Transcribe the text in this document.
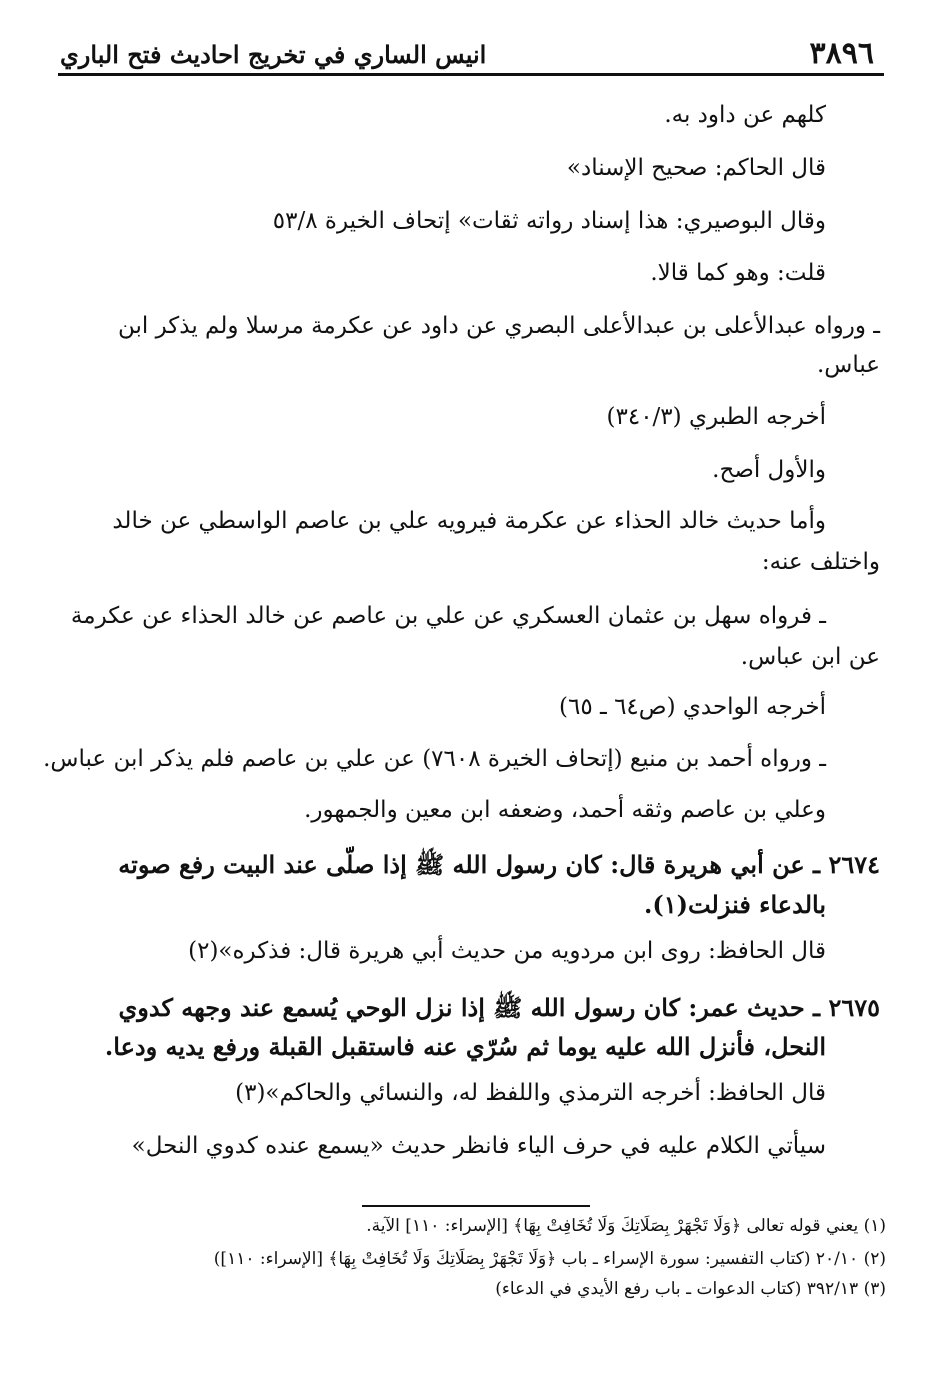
٣٨٩٦
انيس الساري في تخريج احاديث فتح الباري
كلهم عن داود به.
قال الحاكم: صحيح الإسناد»
وقال البوصيري: هذا إسناد رواته ثقات» إتحاف الخيرة ٥٣/٨
قلت: وهو كما قالا.
ـ ورواه عبدالأعلى بن عبدالأعلى البصري عن داود عن عكرمة مرسلا ولم يذكر ابن
عباس.
أخرجه الطبري (٣٤٠/٣)
والأول أصح.
وأما حديث خالد الحذاء عن عكرمة فيرويه علي بن عاصم الواسطي عن خالد
واختلف عنه:
ـ فرواه سهل بن عثمان العسكري عن علي بن عاصم عن خالد الحذاء عن عكرمة
عن ابن عباس.
أخرجه الواحدي (ص٦٤ ـ ٦٥)
ـ ورواه أحمد بن منيع (إتحاف الخيرة ٧٦٠٨) عن علي بن عاصم فلم يذكر ابن عباس.
وعلي بن عاصم وثقه أحمد، وضعفه ابن معين والجمهور.
٢٦٧٤ ـ عن أبي هريرة قال: كان رسول الله ﷺ إذا صلّى عند البيت رفع صوته
بالدعاء فنزلت(١).
قال الحافظ: روى ابن مردويه من حديث أبي هريرة قال: فذكره»(٢)
٢٦٧٥ ـ حديث عمر: كان رسول الله ﷺ إذا نزل الوحي يُسمع عند وجهه كدوي
النحل، فأنزل الله عليه يوما ثم سُرّي عنه فاستقبل القبلة ورفع يديه ودعا.
قال الحافظ: أخرجه الترمذي واللفظ له، والنسائي والحاكم»(٣)
سيأتي الكلام عليه في حرف الياء فانظر حديث «يسمع عنده كدوي النحل»
(١) يعني قوله تعالى ﴿وَلَا تَجْهَرْ بِصَلَاتِكَ وَلَا تُخَافِتْ بِهَا﴾ [الإسراء: ١١٠] الآية.
(٢) ٢٠/١٠ (كتاب التفسير: سورة الإسراء ـ باب ﴿وَلَا تَجْهَرْ بِصَلَاتِكَ وَلَا تُخَافِتْ بِهَا﴾ [الإسراء: ١١٠])
(٣) ٣٩٢/١٣ (كتاب الدعوات ـ باب رفع الأيدي في الدعاء)
